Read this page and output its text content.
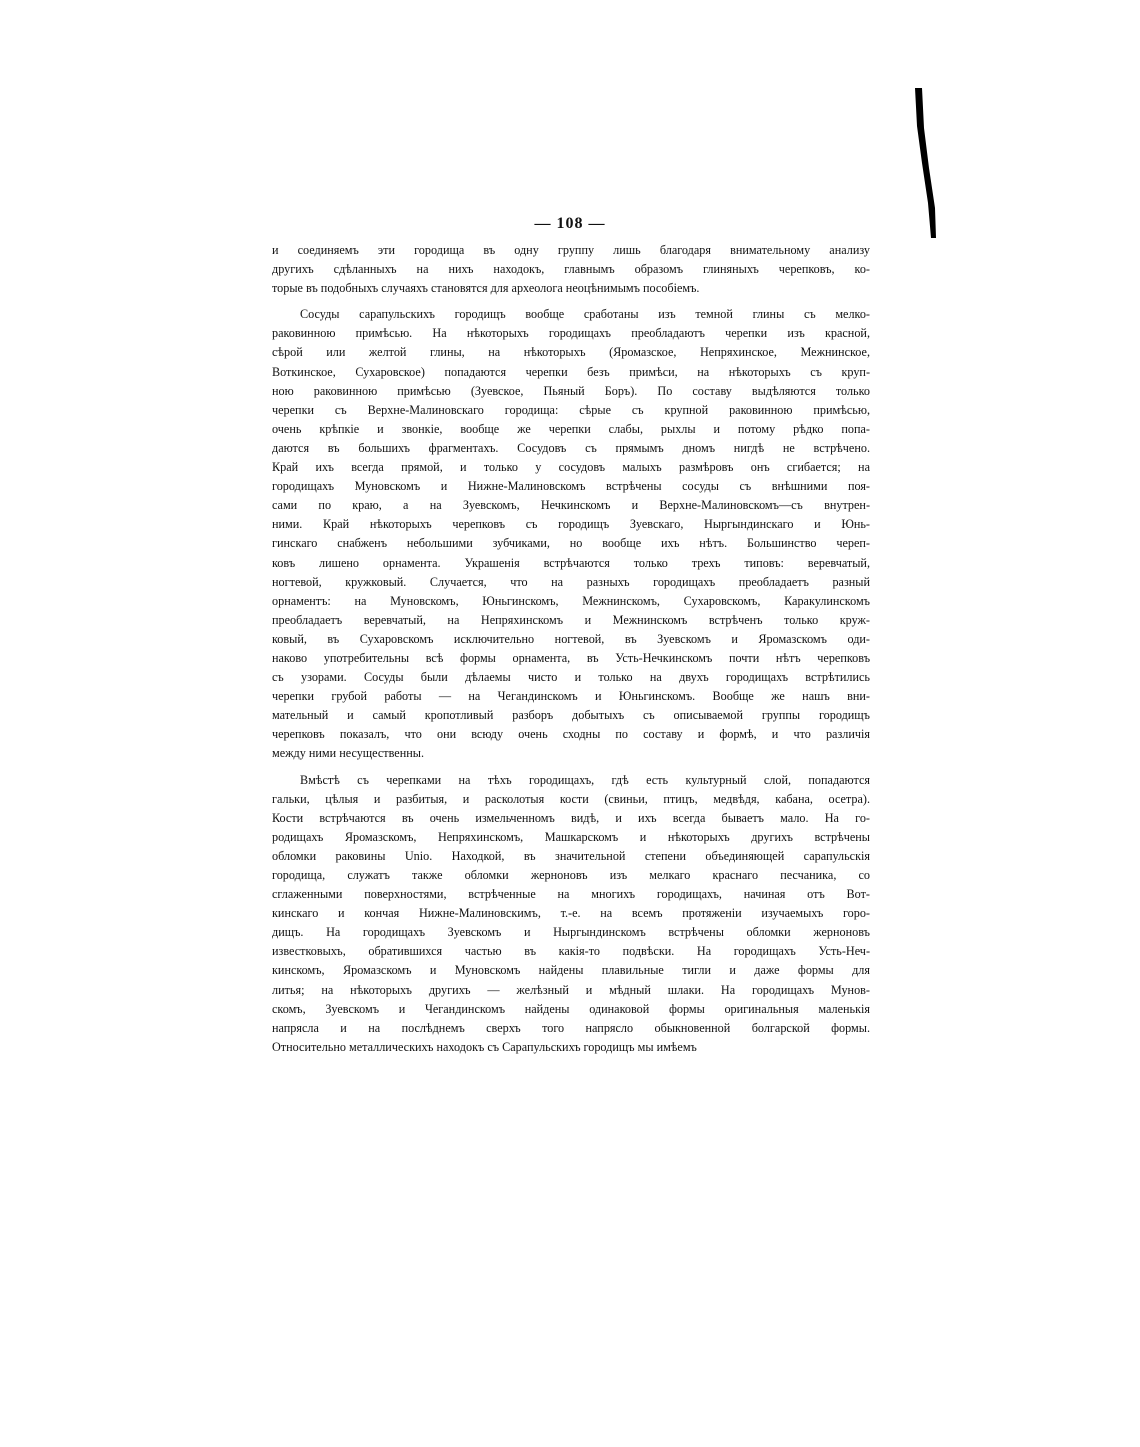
— 108 —
и соединяемъ эти городища въ одну группу лишь благодаря внимательному анализу
другихъ сдѣланныхъ на нихъ находокъ, главнымъ образомъ глиняныхъ черепковъ, ко-
торые въ подобныхъ случаяхъ становятся для археолога неоцѣнимымъ пособіемъ.
Сосуды сарапульскихъ городищъ вообще сработаны изъ темной глины съ мелко-
раковинною примѣсью. На нѣкоторыхъ городищахъ преобладаютъ черепки изъ красной,
сѣрой или желтой глины, на нѣкоторыхъ (Яромазское, Непряхинское, Межнинское,
Воткинское, Сухаровское) попадаются черепки безъ примѣси, на нѣкоторыхъ съ круп-
ною раковинною примѣсью (Зуевское, Пьяный Боръ). По составу выдѣляются только
черепки съ Верхне-Малиновскаго городища: сѣрые съ крупной раковинною примѣсью,
очень крѣпкіе и звонкіе, вообще же черепки слабы, рыхлы и потому рѣдко попа-
даются въ большихъ фрагментахъ. Сосудовъ съ прямымъ дномъ нигдѣ не встрѣчено.
Край ихъ всегда прямой, и только у сосудовъ малыхъ размѣровъ онъ сгибается; на
городищахъ Муновскомъ и Нижне-Малиновскомъ встрѣчены сосуды съ внѣшними поя-
сами по краю, а на Зуевскомъ, Нечкинскомъ и Верхне-Малиновскомъ—съ внутрен-
ними. Край нѣкоторыхъ черепковъ съ городищъ Зуевскаго, Ныргындинскаго и Юнь-
гинскаго снабженъ небольшими зубчиками, но вообще ихъ нѣтъ. Большинство череп-
ковъ лишено орнамента. Украшенія встрѣчаются только трехъ типовъ: веревчатый,
ногтевой, кружковый. Случается, что на разныхъ городищахъ преобладаетъ разный
орнаментъ: на Муновскомъ, Юньгинскомъ, Межнинскомъ, Сухаровскомъ, Каракулинскомъ
преобладаетъ веревчатый, на Непряхинскомъ и Межнинскомъ встрѣченъ только круж-
ковый, въ Сухаровскомъ исключительно ногтевой, въ Зуевскомъ и Яромазскомъ оди-
наково употребительны всѣ формы орнамента, въ Усть-Нечкинскомъ почти нѣтъ черепковъ
съ узорами. Сосуды были дѣлаемы чисто и только на двухъ городищахъ встрѣтились
черепки грубой работы — на Чегандинскомъ и Юньгинскомъ. Вообще же нашъ вни-
мательный и самый кропотливый разборъ добытыхъ съ описываемой группы городищъ
черепковъ показалъ, что они всюду очень сходны по составу и формѣ, и что различія
между ними несущественны.
Вмѣстѣ съ черепками на тѣхъ городищахъ, гдѣ есть культурный слой, попадаются
гальки, цѣлыя и разбитыя, и расколотыя кости (свиньи, птицъ, медвѣдя, кабана, осетра).
Кости встрѣчаются въ очень измельченномъ видѣ, и ихъ всегда бываетъ мало. На го-
родищахъ Яромазскомъ, Непряхинскомъ, Машкарскомъ и нѣкоторыхъ другихъ встрѣчены
обломки раковины Unio. Находкой, въ значительной степени объединяющей сарапульскія
городища, служатъ также обломки жерноновъ изъ мелкаго краснаго песчаника, со
сглаженными поверхностями, встрѣченные на многихъ городищахъ, начиная отъ Вот-
кинскаго и кончая Нижне-Малиновскимъ, т.-е. на всемъ протяженіи изучаемыхъ горо-
дищъ. На городищахъ Зуевскомъ и Ныргындинскомъ встрѣчены обломки жерноновъ
известковыхъ, обратившихся частью въ какія-то подвѣски. На городищахъ Усть-Неч-
кинскомъ, Яромазскомъ и Муновскомъ найдены плавильные тигли и даже формы для
литья; на нѣкоторыхъ другихъ — желѣзный и мѣдный шлаки. На городищахъ Мунов-
скомъ, Зуевскомъ и Чегандинскомъ найдены одинаковой формы оригинальныя маленькія
напрясла и на послѣднемъ сверхъ того напрясло обыкновенной болгарской формы.
Относительно металлическихъ находокъ съ Сарапульскихъ городищъ мы имѣемъ
